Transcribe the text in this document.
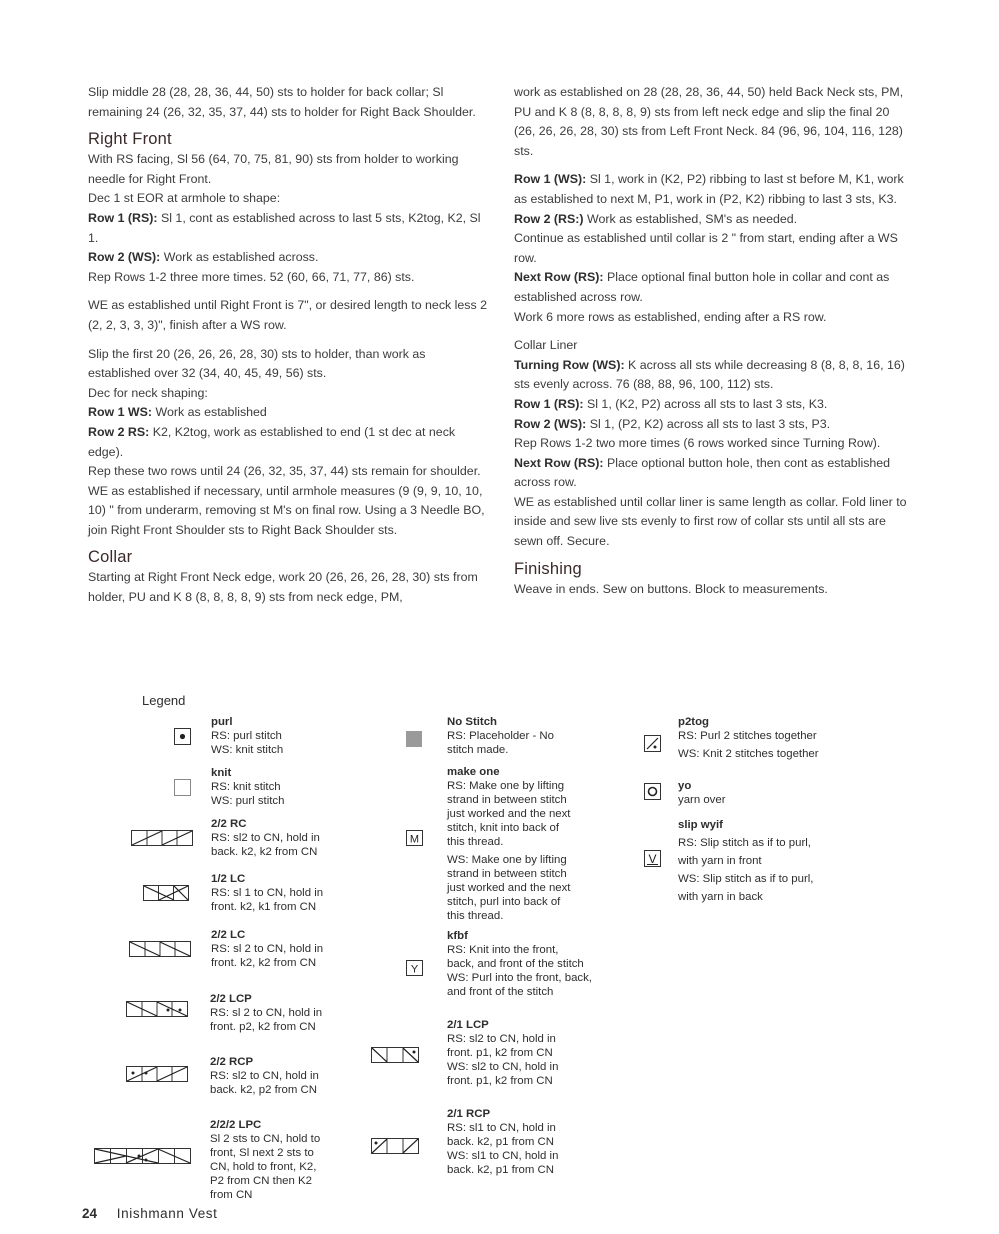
Slip middle 28 (28, 28, 36, 44, 50) sts to holder for back collar; Sl remaining 24 (26, 32, 35, 37, 44) sts to holder for Right Back Shoulder.

Right Front

With RS facing, Sl 56 (64, 70, 75, 81, 90) sts from holder to working needle for Right Front.

Dec 1 st EOR at armhole to shape:

Row 1 (RS): Sl 1, cont as established across to last 5 sts, K2tog, K2, Sl 1.

Row 2 (WS): Work as established across.

Rep Rows 1-2 three more times. 52 (60, 66, 71, 77, 86) sts.

WE as established until Right Front is 7", or desired length to neck less 2 (2, 2, 3, 3, 3)", finish after a WS row.

Slip the first 20 (26, 26, 26, 28, 30) sts to holder, than work as established over 32 (34, 40, 45, 49, 56) sts.

Dec for neck shaping:

Row 1 WS: Work as established

Row 2 RS: K2, K2tog, work as established to end (1 st dec at neck edge).

Rep these two rows until 24 (26, 32, 35, 37, 44) sts remain for shoulder.

WE as established if necessary, until armhole measures (9 (9, 9, 10, 10, 10) " from underarm, removing st M's on final row. Using a 3 Needle BO, join Right Front Shoulder sts to Right Back Shoulder sts.

Collar

Starting at Right Front Neck edge, work 20 (26, 26, 26, 28, 30) sts from holder, PU and K 8 (8, 8, 8, 8, 9) sts from neck edge, PM,

work as established on 28 (28, 28, 36, 44, 50) held Back Neck sts, PM, PU and K 8 (8, 8, 8, 8, 9) sts from left neck edge and slip the final 20 (26, 26, 26, 28, 30) sts from Left Front Neck. 84 (96, 96, 104, 116, 128) sts.

Row 1 (WS): Sl 1, work in (K2, P2) ribbing to last st before M, K1, work as established to next M, P1, work in (P2, K2) ribbing to last 3 sts, K3.

Row 2 (RS:) Work as established, SM's as needed.

Continue as established until collar is 2 " from start, ending after a WS row.

Next Row (RS): Place optional final button hole in collar and cont as established across row.

Work 6 more rows as established, ending after a RS row.

Collar Liner

Turning Row (WS): K across all sts while decreasing 8 (8, 8, 8, 16, 16) sts evenly across. 76 (88, 88, 96, 100, 112) sts.

Row 1 (RS): Sl 1, (K2, P2) across all sts to last 3 sts, K3.

Row 2 (WS): Sl 1, (P2, K2) across all sts to last 3 sts, P3.

Rep Rows 1-2 two more times (6 rows worked since Turning Row).

Next Row (RS): Place optional button hole, then cont as established across row.

WE as established until collar liner is same length as collar. Fold liner to inside and sew live sts evenly to first row of collar sts until all sts are sewn off. Secure.

Finishing

Weave in ends. Sew on buttons. Block to measurements.

Legend
purl
RS: purl stitch
WS: knit stitch
knit
RS: knit stitch
WS: purl stitch
2/2 RC
RS: sl2 to CN, hold in
back. k2, k2 from CN
1/2 LC
RS: sl 1 to CN, hold in
front. k2, k1 from CN
2/2 LC
RS: sl 2 to CN, hold in
front. k2, k2 from CN
2/2 LCP
RS: sl 2 to CN, hold in
front. p2, k2 from CN
2/2 RCP
RS: sl2 to CN, hold in
back. k2, p2 from CN
2/2/2 LPC
Sl 2 sts to CN, hold to
front, Sl next 2 sts to
CN, hold to front, K2,
P2 from CN then K2
from CN
No Stitch
RS: Placeholder - No
stitch made.
M
make one
RS: Make one by lifting
strand in between stitch
just worked and the next
stitch, knit into back of
this thread.
WS: Make one by lifting
strand in between stitch
just worked and the next
stitch, purl into back of
this thread.
Y
kfbf
RS: Knit into the front,
back, and front of the stitch
WS: Purl into the front, back,
and front of the stitch
2/1 LCP
RS: sl2 to CN, hold in
front. p1, k2 from CN
WS: sl2 to CN, hold in
front. p1, k2 from CN
2/1 RCP
RS: sl1 to CN, hold in
back. k2, p1 from CN
WS: sl1 to CN, hold in
back. k2, p1 from CN
p2tog
RS: Purl 2 stitches together
WS: Knit 2 stitches together
yo
yarn over
V
slip wyif
RS: Slip stitch as if to purl,
with yarn in front
WS: Slip stitch as if to purl,
with yarn in back
24 Inishmann Vest
